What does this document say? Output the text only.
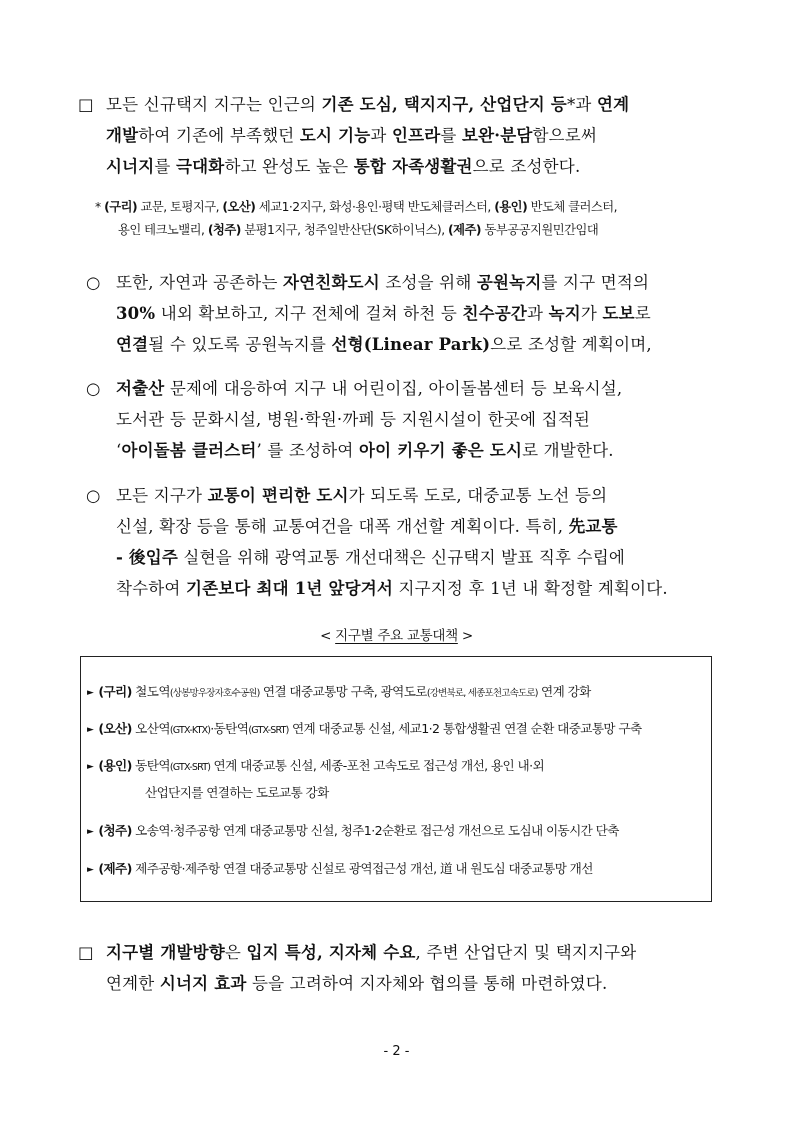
□ 모든 신규택지 지구는 인근의 기존 도심, 택지지구, 산업단지 등*과 연계
개발하여 기존에 부족했던 도시 기능과 인프라를 보완·분담함으로써
시너지를 극대화하고 완성도 높은 통합 자족생활권으로 조성한다.
* (구리) 교문, 토평지구, (오산) 세교1·2지구, 화성·용인·평택 반도체클러스터, (용인) 반도체 클러스터,
용인 테크노밸리, (청주) 분평1지구, 청주일반산단(SK하이닉스), (제주) 동부공공지원민간임대
○ 또한, 자연과 공존하는 자연친화도시 조성을 위해 공원녹지를 지구 면적의
30% 내외 확보하고, 지구 전체에 걸쳐 하천 등 친수공간과 녹지가 도보로
연결될 수 있도록 공원녹지를 선형(Linear Park)으로 조성할 계획이며,
○ 저출산 문제에 대응하여 지구 내 어린이집, 아이돌봄센터 등 보육시설,
도서관 등 문화시설, 병원·학원·까페 등 지원시설이 한곳에 집적된
‘아이돌봄 클러스터’ 를 조성하여 아이 키우기 좋은 도시로 개발한다.
○ 모든 지구가 교통이 편리한 도시가 되도록 도로, 대중교통 노선 등의
신설, 확장 등을 통해 교통여건을 대폭 개선할 계획이다. 특히, 先교통
- 後입주 실현을 위해 광역교통 개선대책은 신규택지 발표 직후 수립에
착수하여 기존보다 최대 1년 앞당겨서 지구지정 후 1년 내 확정할 계획이다.
< 지구별 주요 교통대책 >
► (구리) 철도역(상봉망우장자호수공원) 연결 대중교통망 구축, 광역도로(강변북로, 세종포천고속도로) 연계 강화
► (오산) 오산역(GTX-KTX)·동탄역(GTX-SRT) 연계 대중교통 신설, 세교1·2 통합생활권 연결 순환 대중교통망 구축
► (용인) 동탄역(GTX-SRT) 연계 대중교통 신설, 세종-포천 고속도로 접근성 개선, 용인 내·외
산업단지를 연결하는 도로교통 강화
► (청주) 오송역·청주공항 연계 대중교통망 신설, 청주1·2순환로 접근성 개선으로 도심내 이동시간 단축
► (제주) 제주공항·제주항 연결 대중교통망 신설로 광역접근성 개선, 道 내 원도심 대중교통망 개선
□ 지구별 개발방향은 입지 특성, 지자체 수요, 주변 산업단지 및 택지지구와
연계한 시너지 효과 등을 고려하여 지자체와 협의를 통해 마련하였다.
- 2 -
